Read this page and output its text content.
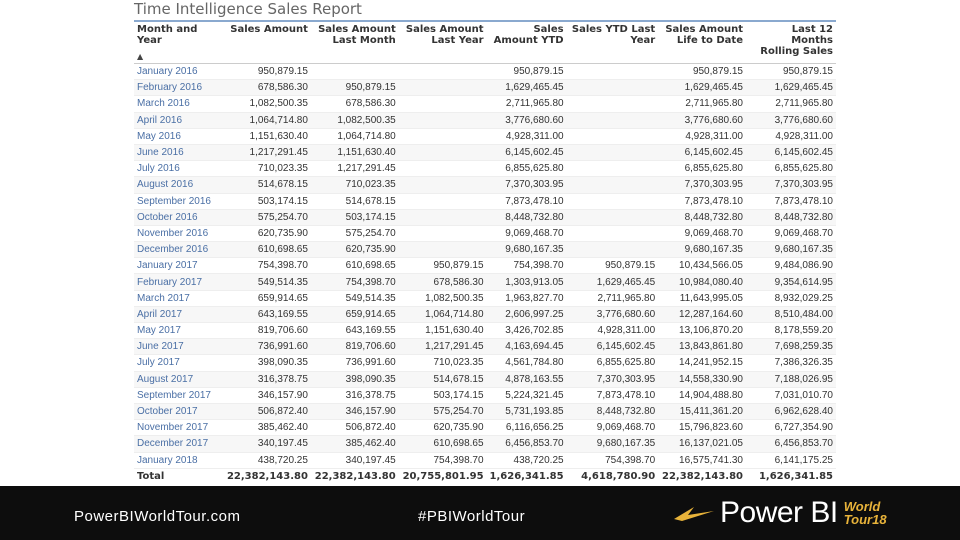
Time Intelligence Sales Report
Month and Year
▲	Sales Amount	Sales Amount Last Month	Sales Amount Last Year	Sales Amount YTD	Sales YTD Last Year	Sales Amount Life to Date	Last 12 Months Rolling Sales
January 2016	950,879.15			950,879.15		950,879.15	950,879.15
February 2016	678,586.30	950,879.15		1,629,465.45		1,629,465.45	1,629,465.45
March 2016	1,082,500.35	678,586.30		2,711,965.80		2,711,965.80	2,711,965.80
April 2016	1,064,714.80	1,082,500.35		3,776,680.60		3,776,680.60	3,776,680.60
May 2016	1,151,630.40	1,064,714.80		4,928,311.00		4,928,311.00	4,928,311.00
June 2016	1,217,291.45	1,151,630.40		6,145,602.45		6,145,602.45	6,145,602.45
July 2016	710,023.35	1,217,291.45		6,855,625.80		6,855,625.80	6,855,625.80
August 2016	514,678.15	710,023.35		7,370,303.95		7,370,303.95	7,370,303.95
September 2016	503,174.15	514,678.15		7,873,478.10		7,873,478.10	7,873,478.10
October 2016	575,254.70	503,174.15		8,448,732.80		8,448,732.80	8,448,732.80
November 2016	620,735.90	575,254.70		9,069,468.70		9,069,468.70	9,069,468.70
December 2016	610,698.65	620,735.90		9,680,167.35		9,680,167.35	9,680,167.35
January 2017	754,398.70	610,698.65	950,879.15	754,398.70	950,879.15	10,434,566.05	9,484,086.90
February 2017	549,514.35	754,398.70	678,586.30	1,303,913.05	1,629,465.45	10,984,080.40	9,354,614.95
March 2017	659,914.65	549,514.35	1,082,500.35	1,963,827.70	2,711,965.80	11,643,995.05	8,932,029.25
April 2017	643,169.55	659,914.65	1,064,714.80	2,606,997.25	3,776,680.60	12,287,164.60	8,510,484.00
May 2017	819,706.60	643,169.55	1,151,630.40	3,426,702.85	4,928,311.00	13,106,870.20	8,178,559.20
June 2017	736,991.60	819,706.60	1,217,291.45	4,163,694.45	6,145,602.45	13,843,861.80	7,698,259.35
July 2017	398,090.35	736,991.60	710,023.35	4,561,784.80	6,855,625.80	14,241,952.15	7,386,326.35
August 2017	316,378.75	398,090.35	514,678.15	4,878,163.55	7,370,303.95	14,558,330.90	7,188,026.95
September 2017	346,157.90	316,378.75	503,174.15	5,224,321.45	7,873,478.10	14,904,488.80	7,031,010.70
October 2017	506,872.40	346,157.90	575,254.70	5,731,193.85	8,448,732.80	15,411,361.20	6,962,628.40
November 2017	385,462.40	506,872.40	620,735.90	6,116,656.25	9,069,468.70	15,796,823.60	6,727,354.90
December 2017	340,197.45	385,462.40	610,698.65	6,456,853.70	9,680,167.35	16,137,021.05	6,456,853.70
January 2018	438,720.25	340,197.45	754,398.70	438,720.25	754,398.70	16,575,741.30	6,141,175.25
Total	22,382,143.80	22,382,143.80	20,755,801.95	1,626,341.85	4,618,780.90	22,382,143.80	1,626,341.85
PowerBIWorldTour.com	#PBIWorldTour	Power BI World
Tour18
